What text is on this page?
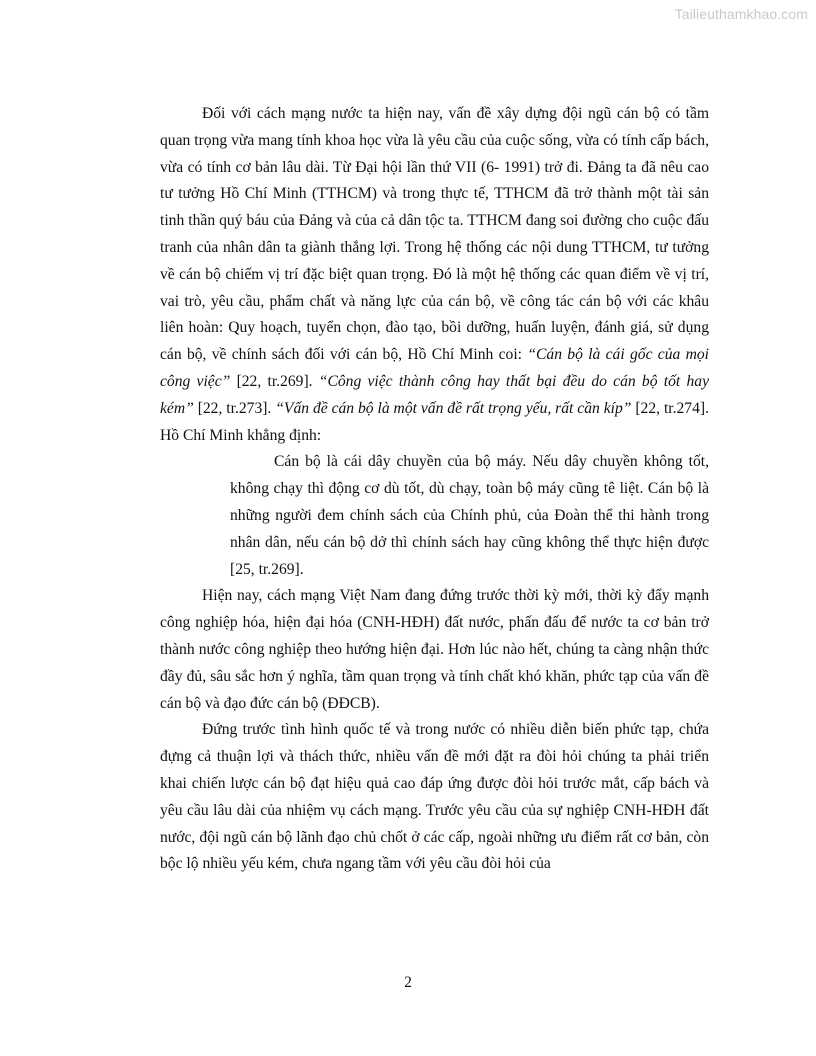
Tailieuthamkhao.com

Đối với cách mạng nước ta hiện nay, vấn đề xây dựng đội ngũ cán bộ có tầm quan trọng vừa mang tính khoa học vừa là yêu cầu của cuộc sống, vừa có tính cấp bách, vừa có tính cơ bản lâu dài. Từ Đại hội lần thứ VII (6- 1991) trở đi. Đảng ta đã nêu cao tư tưởng Hồ Chí Minh (TTHCM) và trong thực tế, TTHCM đã trở thành một tài sản tinh thần quý báu của Đảng và của cả dân tộc ta. TTHCM đang soi đường cho cuộc đấu tranh của nhân dân ta giành thắng lợi. Trong hệ thống các nội dung TTHCM, tư tưởng về cán bộ chiếm vị trí đặc biệt quan trọng. Đó là một hệ thống các quan điểm về vị trí, vai trò, yêu cầu, phẩm chất và năng lực của cán bộ, về công tác cán bộ với các khâu liên hoàn: Quy hoạch, tuyển chọn, đào tạo, bồi dưỡng, huấn luyện, đánh giá, sử dụng cán bộ, về chính sách đối với cán bộ, Hồ Chí Minh coi: “Cán bộ là cái gốc của mọi công việc” [22, tr.269]. “Công việc thành công hay thất bại đều do cán bộ tốt hay kém” [22, tr.273]. “Vấn đề cán bộ là một vấn đề rất trọng yếu, rất cần kíp” [22, tr.274]. Hồ Chí Minh khẳng định:

Cán bộ là cái dây chuyền của bộ máy. Nếu dây chuyền không tốt, không chạy thì động cơ dù tốt, dù chạy, toàn bộ máy cũng tê liệt. Cán bộ là những người đem chính sách của Chính phủ, của Đoàn thể thi hành trong nhân dân, nếu cán bộ dở thì chính sách hay cũng không thể thực hiện được [25, tr.269].

Hiện nay, cách mạng Việt Nam đang đứng trước thời kỳ mới, thời kỳ đẩy mạnh công nghiệp hóa, hiện đại hóa (CNH-HĐH) đất nước, phấn đấu để nước ta cơ bản trở thành nước công nghiệp theo hướng hiện đại. Hơn lúc nào hết, chúng ta càng nhận thức đầy đủ, sâu sắc hơn ý nghĩa, tầm quan trọng và tính chất khó khăn, phức tạp của vấn đề cán bộ và đạo đức cán bộ (ĐĐCB).

Đứng trước tình hình quốc tế và trong nước có nhiều diễn biến phức tạp, chứa đựng cả thuận lợi và thách thức, nhiều vấn đề mới đặt ra đòi hỏi chúng ta phải triển khai chiến lược cán bộ đạt hiệu quả cao đáp ứng được đòi hỏi trước mắt, cấp bách và yêu cầu lâu dài của nhiệm vụ cách mạng. Trước yêu cầu của sự nghiệp CNH-HĐH đất nước, đội ngũ cán bộ lãnh đạo chủ chốt ở các cấp, ngoài những ưu điểm rất cơ bản, còn bộc lộ nhiều yếu kém, chưa ngang tầm với yêu cầu đòi hỏi của

2
